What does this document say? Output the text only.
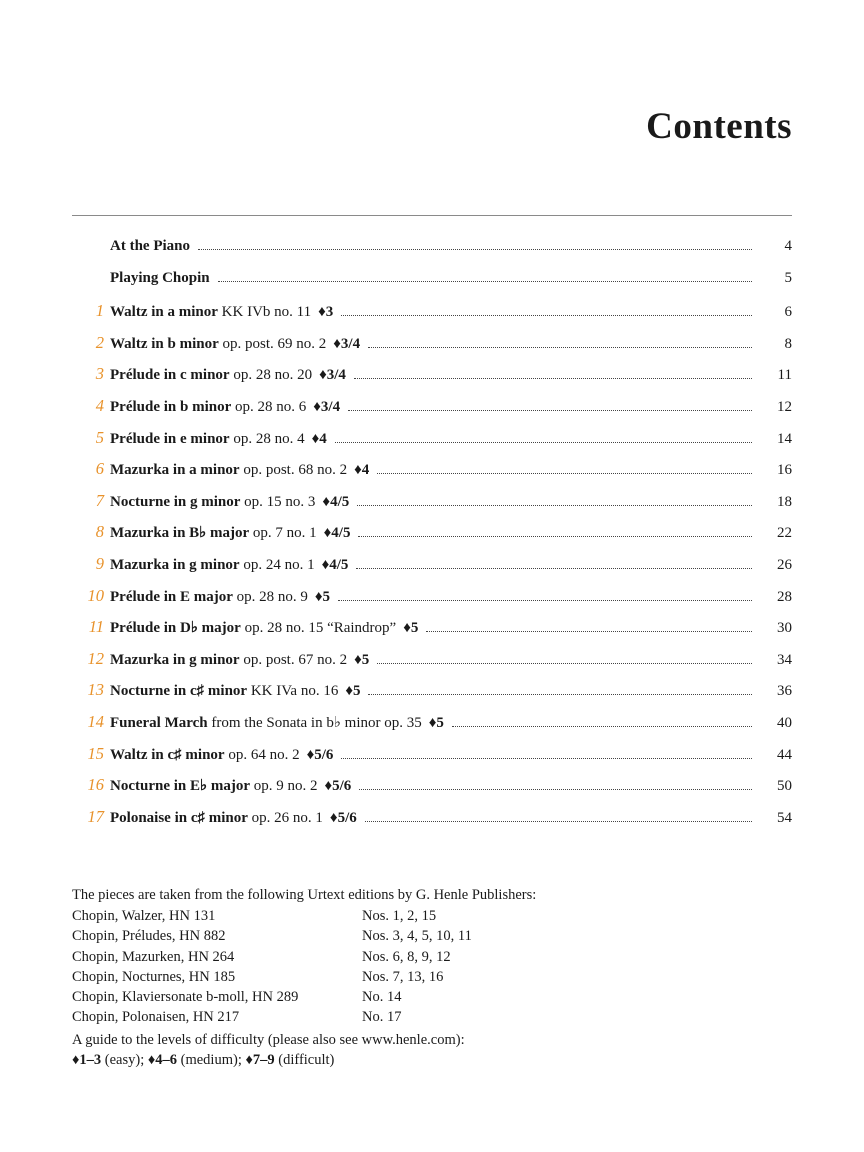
Contents
At the Piano	4
Playing Chopin	5
1 Waltz in a minor KK IVb no. 11 ♦3	6
2 Waltz in b minor op. post. 69 no. 2 ♦3/4	8
3 Prélude in c minor op. 28 no. 20 ♦3/4	11
4 Prélude in b minor op. 28 no. 6 ♦3/4	12
5 Prélude in e minor op. 28 no. 4 ♦4	14
6 Mazurka in a minor op. post. 68 no. 2 ♦4	16
7 Nocturne in g minor op. 15 no. 3 ♦4/5	18
8 Mazurka in B♭ major op. 7 no. 1 ♦4/5	22
9 Mazurka in g minor op. 24 no. 1 ♦4/5	26
10 Prélude in E major op. 28 no. 9 ♦5	28
11 Prélude in D♭ major op. 28 no. 15 “Raindrop” ♦5	30
12 Mazurka in g minor op. post. 67 no. 2 ♦5	34
13 Nocturne in c♯ minor KK IVa no. 16 ♦5	36
14 Funeral March from the Sonata in b♭ minor op. 35 ♦5	40
15 Waltz in c♯ minor op. 64 no. 2 ♦5/6	44
16 Nocturne in E♭ major op. 9 no. 2 ♦5/6	50
17 Polonaise in c♯ minor op. 26 no. 1 ♦5/6	54
The pieces are taken from the following Urtext editions by G. Henle Publishers:
Chopin, Walzer, HN 131	Nos. 1, 2, 15
Chopin, Préludes, HN 882	Nos. 3, 4, 5, 10, 11
Chopin, Mazurken, HN 264	Nos. 6, 8, 9, 12
Chopin, Nocturnes, HN 185	Nos. 7, 13, 16
Chopin, Klaviersonate b-moll, HN 289	No. 14
Chopin, Polonaisen, HN 217	No. 17
A guide to the levels of difficulty (please also see www.henle.com):
♦1–3 (easy); ♦4–6 (medium); ♦7–9 (difficult)
